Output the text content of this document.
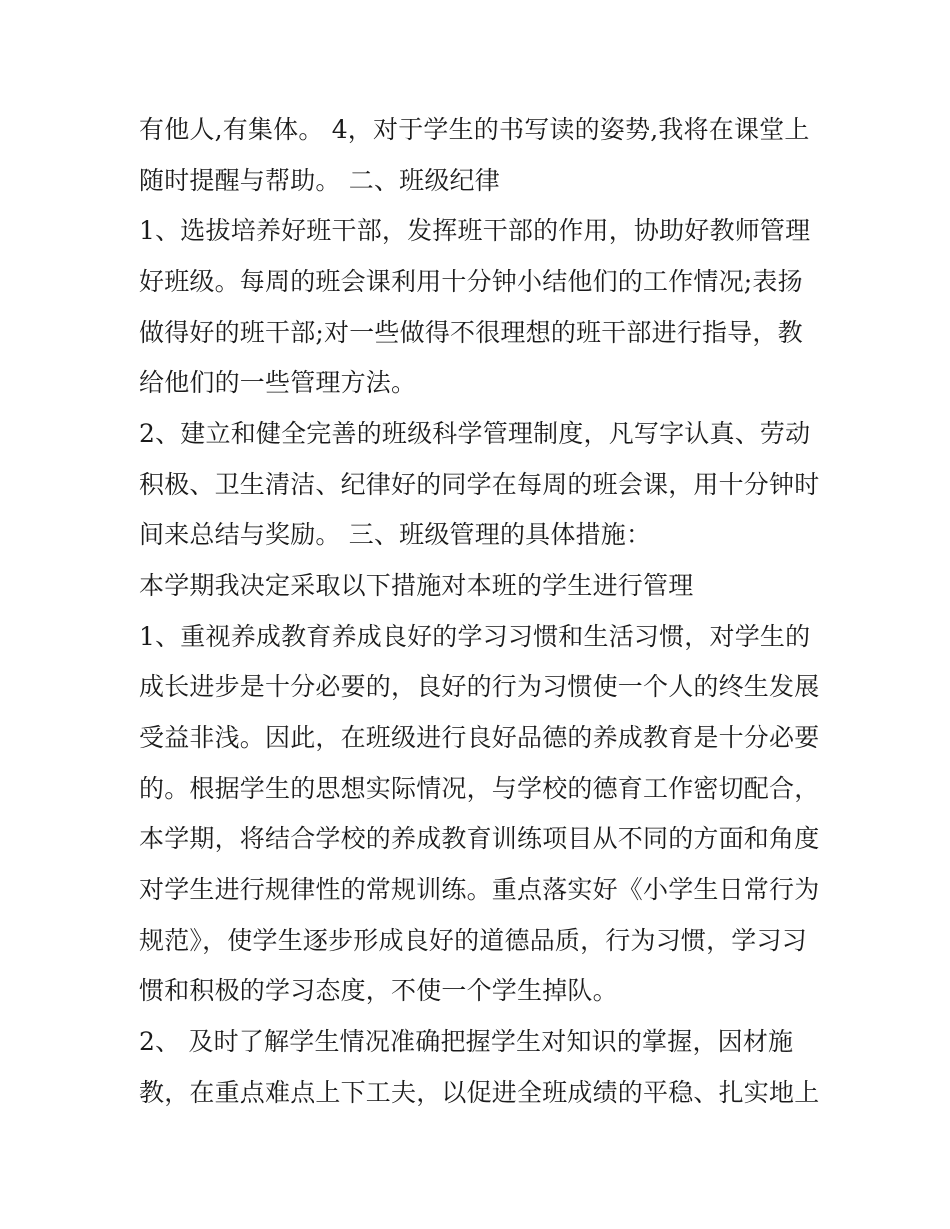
有他人,有集体。 4，对于学生的书写读的姿势,我将在课堂上
随时提醒与帮助。 二、班级纪律
1、选拔培养好班干部，发挥班干部的作用，协助好教师管理
好班级。每周的班会课利用十分钟小结他们的工作情况;表扬
做得好的班干部;对一些做得不很理想的班干部进行指导，教
给他们的一些管理方法。
2、建立和健全完善的班级科学管理制度，凡写字认真、劳动
积极、卫生清洁、纪律好的同学在每周的班会课，用十分钟时
间来总结与奖励。 三、班级管理的具体措施：
本学期我决定采取以下措施对本班的学生进行管理
1、重视养成教育养成良好的学习习惯和生活习惯，对学生的
成长进步是十分必要的，良好的行为习惯使一个人的终生发展
受益非浅。因此，在班级进行良好品德的养成教育是十分必要
的。根据学生的思想实际情况，与学校的德育工作密切配合，
本学期，将结合学校的养成教育训练项目从不同的方面和角度
对学生进行规律性的常规训练。重点落实好《小学生日常行为
规范》，使学生逐步形成良好的道德品质，行为习惯，学习习
惯和积极的学习态度，不使一个学生掉队。
2、 及时了解学生情况准确把握学生对知识的掌握，因材施
教，在重点难点上下工夫，以促进全班成绩的平稳、扎实地上
